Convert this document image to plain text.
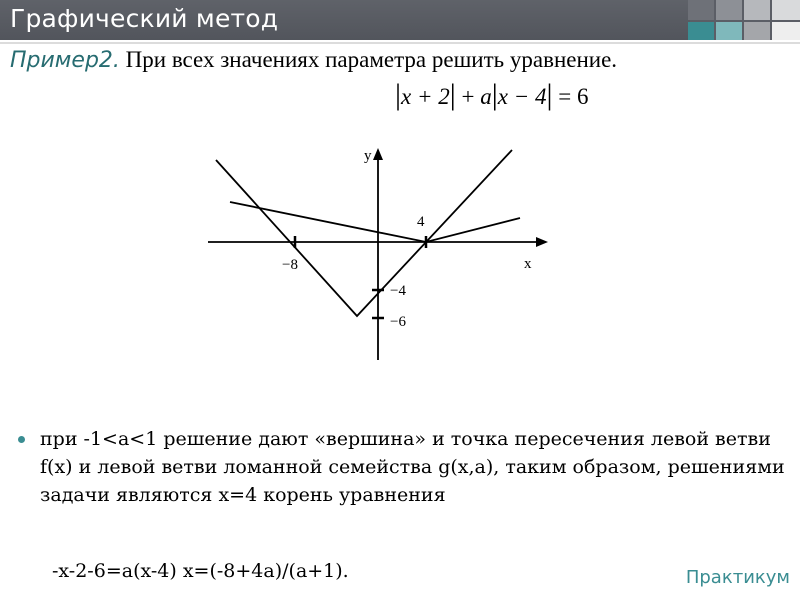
Графический метод
Пример2. При всех значениях параметра решить уравнение.
|x + 2| + a|x − 4| = 6
y
x
4
−8
−4
−6
при -1<a<1 решение дают «вершина» и точка пересечения левой ветви f(x) и левой ветви ломанной семейства g(x,a), таким образом, решениями задачи являются x=4 корень уравнения
-x-2-6=a(x-4) x=(-8+4a)/(a+1).	Практикум
